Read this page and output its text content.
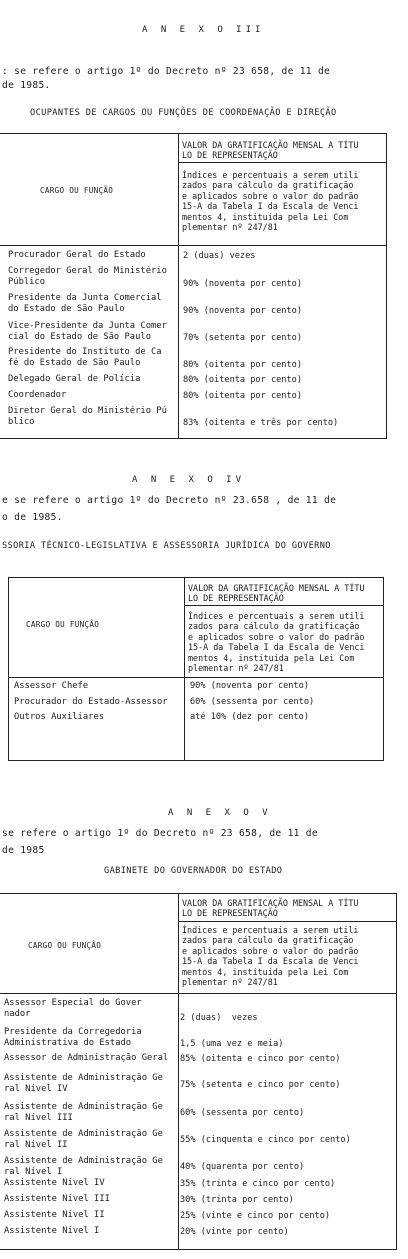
A N E X O III
: se refere o artigo 1º do Decreto nº 23 658, de 11 de
de 1985.
OCUPANTES DE CARGOS OU FUNÇÕES DE COORDENAÇÃO E DIREÇÃO
CARGO OU FUNÇÃO
VALOR DA GRATIFICAÇÃO MENSAL A TÍTU
LO DE REPRESENTAÇÃO
Índices e percentuais a serem utili
zados para cálculo da gratificação
e aplicados sobre o valor do padrão
15-A da Tabela I da Escala de Venci
mentos 4, instituída pela Lei Com
plementar nº 247/81
Procurador Geral do Estado	2 (duas) vezes
Corregedor Geral do Ministério
Público	90% (noventa por cento)
Presidente da Junta Comercial
do Estado de São Paulo	90% (noventa por cento)
Vice-Presidente da Junta Comer
cial do Estado de São Paulo	70% (setenta por cento)
Presidente do Instituto de Ca
fé do Estado de São Paulo	80% (oitenta por cento)
Delegado Geral de Polícia	80% (oitenta por cento)
Coordenador	80% (oitenta por cento)
Diretor Geral do Ministério Pú
blico	83% (oitenta e três por cento)
A N E X O IV
e se refere o artigo 1º do Decreto nº 23.658 , de 11 de
o de 1985.
SSORIA TÉCNICO-LEGISLATIVA E ASSESSORIA JURÍDICA DO GOVERNO
CARGO OU FUNÇÃO
VALOR DA GRATIFICAÇÃO MENSAL A TÍTU
LO DE REPRESENTAÇÃO
Índices e percentuais a serem utili
zados para cálculo da gratificação
e aplicados sobre o valor do padrão
15-A da Tabela I da Escala de Venci
mentos 4, instituída pela Lei Com
plementar nº 247/81
Assessor Chefe	90% (noventa por cento)
Procurador do Estado-Assessor	60% (sessenta por cento)
Outros Auxiliares	até 10% (dez por cento)
A N E X O V
se refere o artigo 1º do Decreto nº 23 658, de 11 de
de 1985
GABINETE DO GOVERNADOR DO ESTADO
CARGO OU FUNÇÃO
VALOR DA GRATIFICAÇÃO MENSAL A TÍTU
LO DE REPRESENTAÇÃO
Índices e percentuais a serem utili
zados para cálculo da gratificação
e aplicados sobre o valor do padrão
15-A da Tabela I da Escala de Venci
mentos 4, instituída pela Lei Com
plementar nº 247/81
Assessor Especial do Gover
nador	2 (duas)  vezes
Presidente da Corregedoria
Administrativa do Estado	1,5 (uma vez e meia)
Assessor de Administração Geral 85% (oitenta e cinco por cento)
Assistente de Administração Ge
ral Nível IV	75% (setenta e cinco por cento)
Assistente de Administração Ge
ral Nível III	60% (sessenta por cento)
Assistente de Administração Ge
ral Nível II	55% (cinquenta e cinco por cento)
Assistente de Administração Ge
ral Nível I	40% (quarenta por cento)
Assistente Nível IV	35% (trinta e cinco por cento)
Assistente Nível III	30% (trinta por cento)
Assistente Nível II	25% (vinte e cinco por cento)
Assistente Nível I	20% (vinte por cento)
